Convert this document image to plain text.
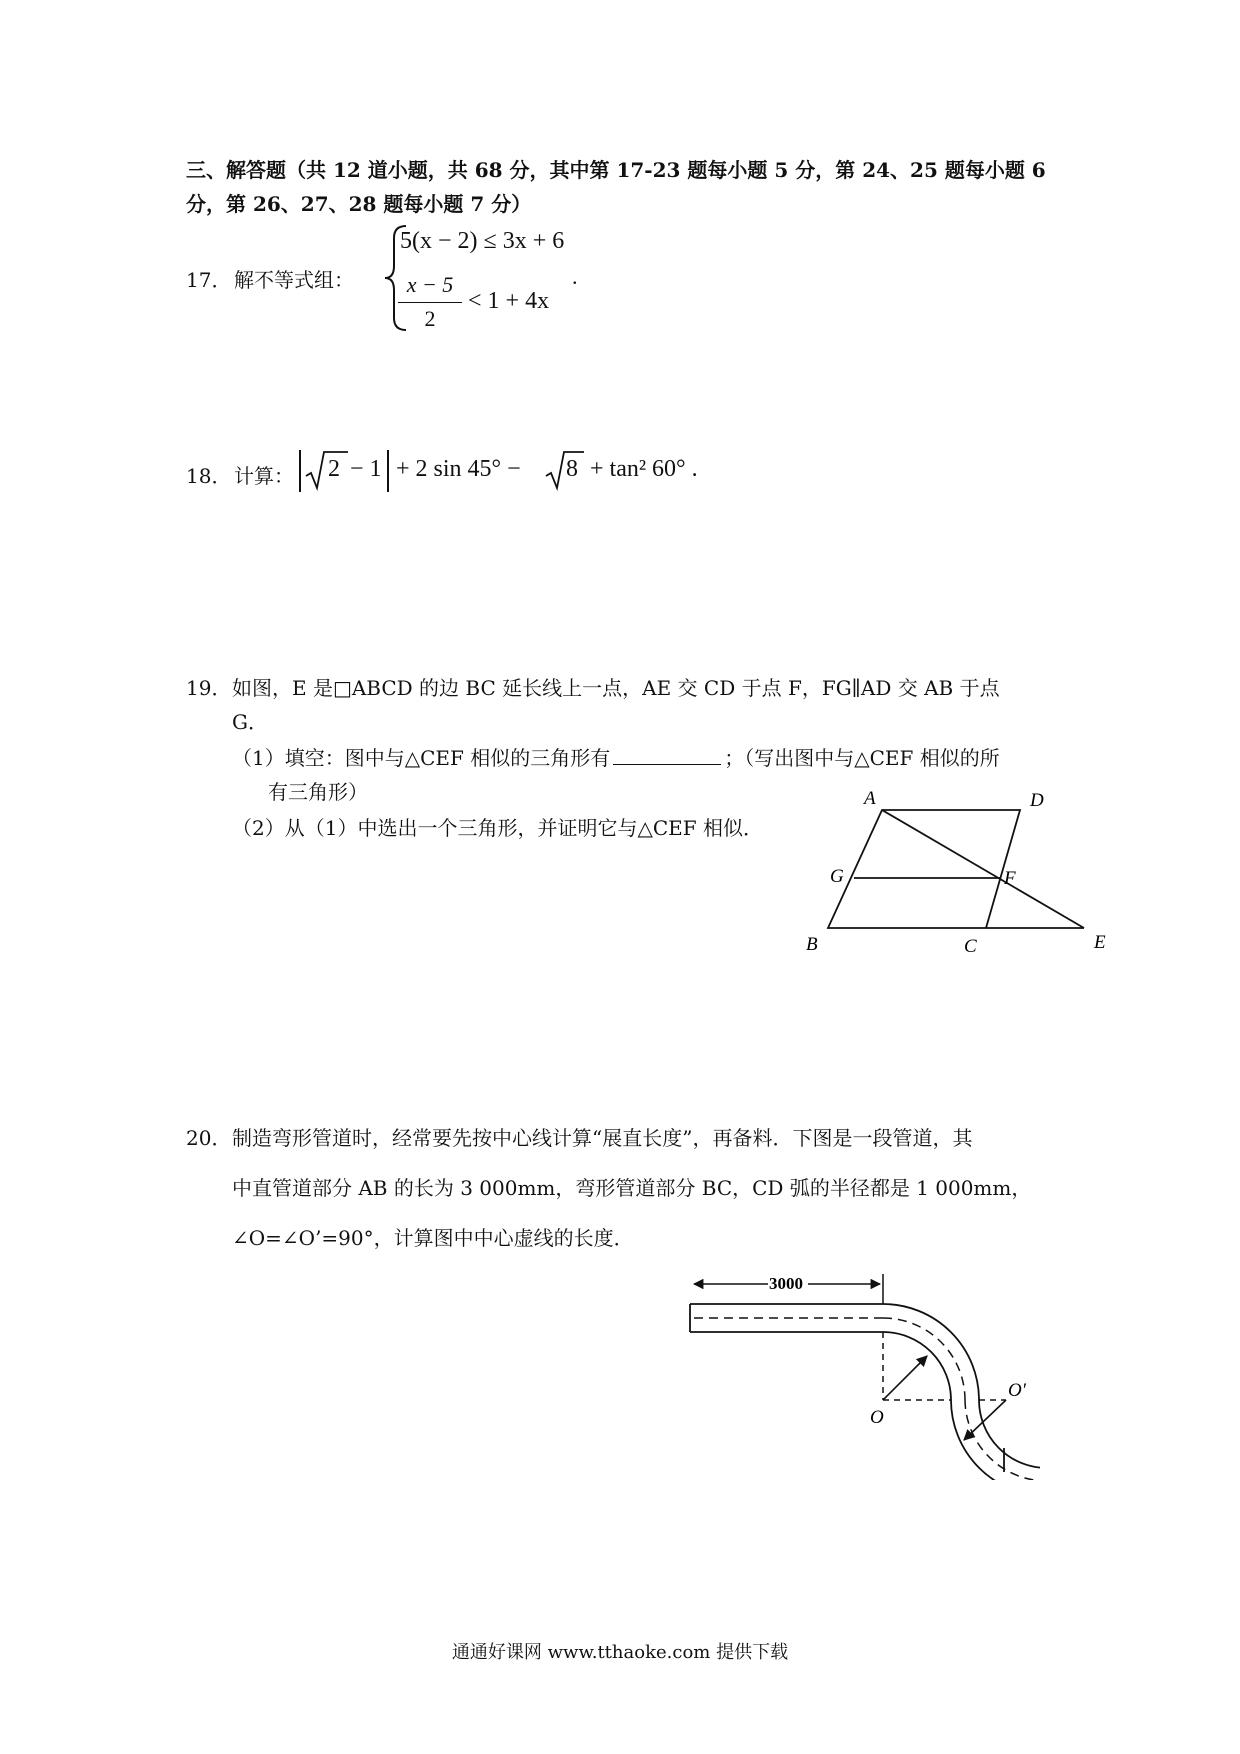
三、解答题（共 12 道小题，共 68 分，其中第 17-23 题每小题 5 分，第 24、25 题每小题 6
分，第 26、27、28 题每小题 7 分）
17． 解不等式组：
5(x − 2) ≤ 3x + 6
x − 5
2
< 1 + 4x
.
18． 计算： 2 − 1 + 2 sin 45° − 8 + tan² 60° .
19． 如图，E 是□ABCD 的边 BC 延长线上一点，AE 交 CD 于点 F，FG∥AD 交 AB 于点
G．
（1）填空：图中与△CEF 相似的三角形有	；（写出图中与△CEF 相似的所
有三角形）
（2）从（1）中选出一个三角形，并证明它与△CEF 相似．
A	D
G	F
B	C	E
20． 制造弯形管道时，经常要先按中心线计算“展直长度”，再备料．下图是一段管道，其
中直管道部分 AB 的长为 3 000mm，弯形管道部分 BC，CD 弧的半径都是 1 000mm，
∠O=∠O’=90°，计算图中中心虚线的长度．
3000
O
O′
通通好课网 www.tthaoke.com 提供下载
